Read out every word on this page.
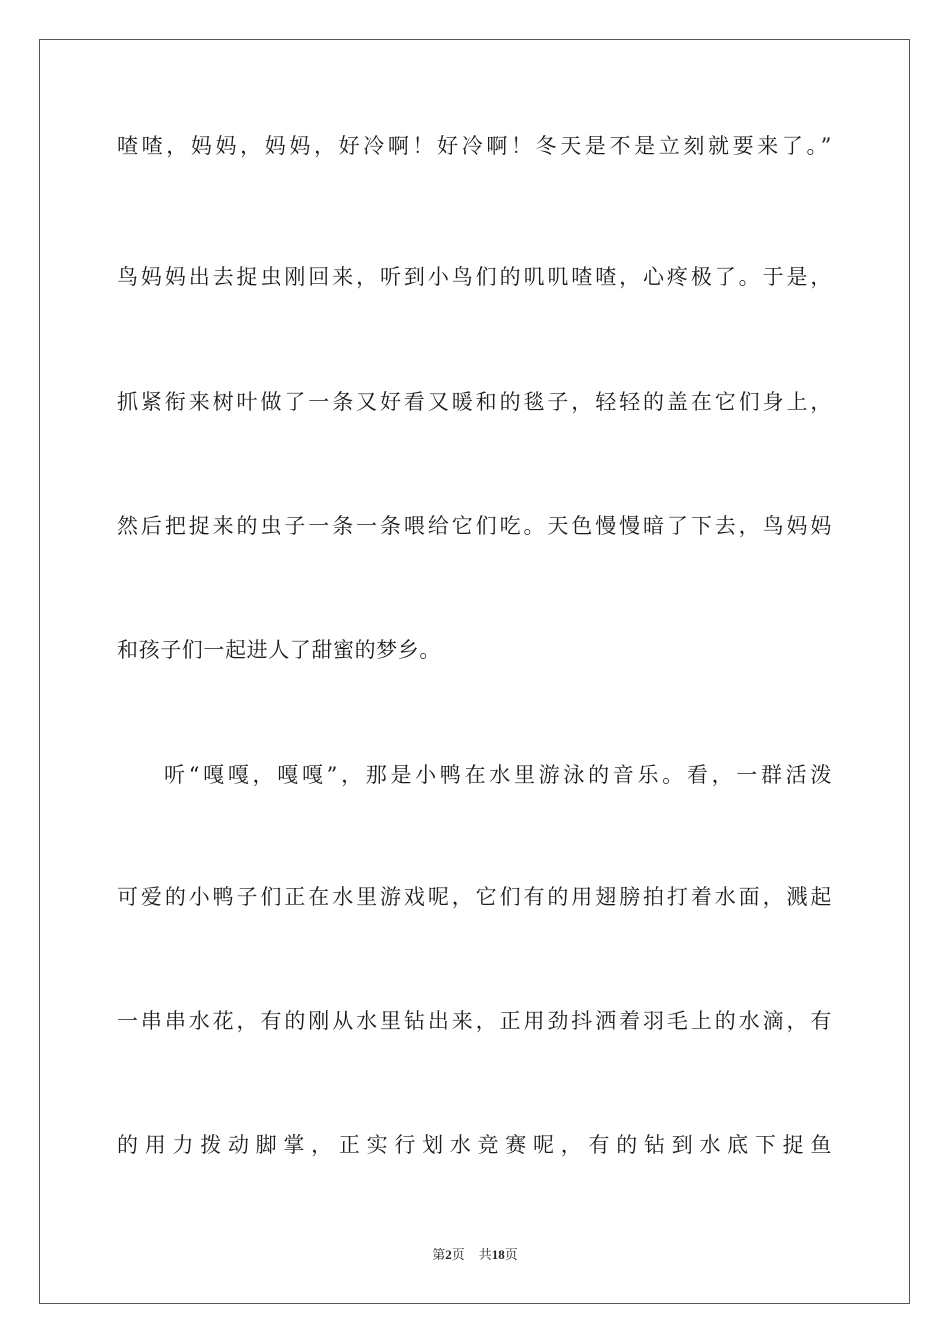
喳喳，妈妈，妈妈，好冷啊！好冷啊！冬天是不是立刻就要来了。”
鸟妈妈出去捉虫刚回来，听到小鸟们的叽叽喳喳，心疼极了。于是，
抓紧衔来树叶做了一条又好看又暖和的毯子，轻轻的盖在它们身上，
然后把捉来的虫子一条一条喂给它们吃。天色慢慢暗了下去，鸟妈妈
和孩子们一起进人了甜蜜的梦乡。
听“嘎嘎，嘎嘎”，那是小鸭在水里游泳的音乐。看，一群活泼
可爱的小鸭子们正在水里游戏呢，它们有的用翅膀拍打着水面，溅起
一串串水花，有的刚从水里钻出来，正用劲抖洒着羽毛上的水滴，有
的用力拨动脚掌，正实行划水竞赛呢，有的钻到水底下捉鱼
第2页 共18页
